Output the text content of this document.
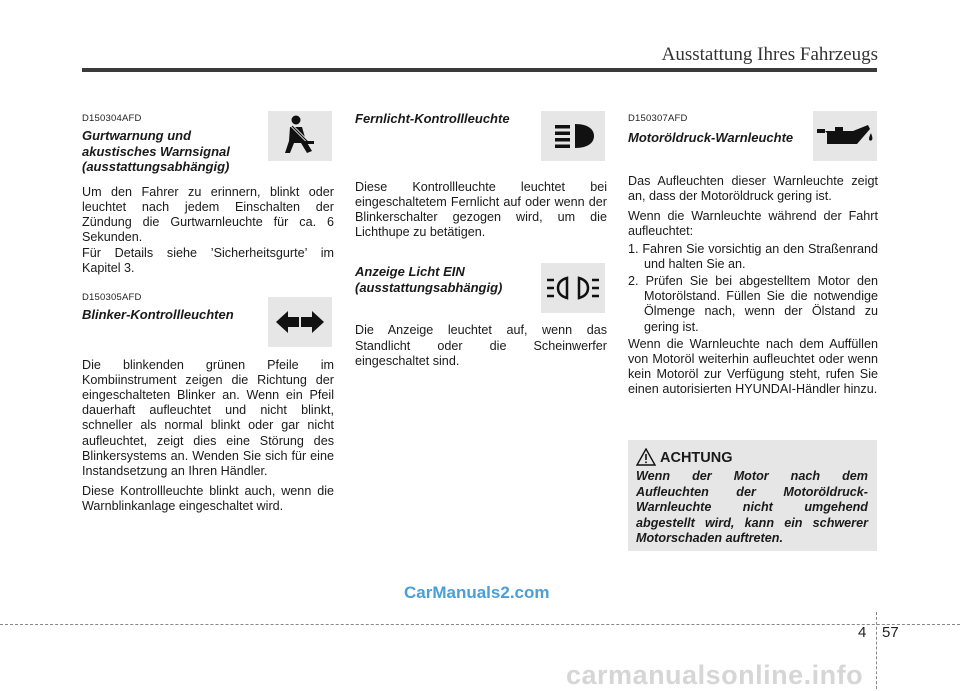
Ausstattung Ihres Fahrzeugs
D150304AFD
Gurtwarnung und
akustisches Warnsignal
(ausstattungsabhängig)

Um den Fahrer zu erinnern, blinkt oder leuchtet nach jedem Einschalten der Zündung die Gurtwarnleuchte für ca. 6 Sekunden.

Für Details siehe ’Sicherheitsgurte’ im Kapitel 3.

D150305AFD
Blinker-Kontrollleuchten

Die blinkenden grünen Pfeile im Kombiinstrument zeigen die Richtung der eingeschalteten Blinker an. Wenn ein Pfeil dauerhaft aufleuchtet und nicht blinkt, schneller als normal blinkt oder gar nicht aufleuchtet, zeigt dies eine Störung des Blinkersystems an. Wenden Sie sich für eine Instandsetzung an Ihren Händler.

Diese Kontrollleuchte blinkt auch, wenn die Warnblinkanlage eingeschaltet wird.

Fernlicht-Kontrollleuchte

Diese Kontrollleuchte leuchtet bei eingeschaltetem Fernlicht auf oder wenn der Blinkerschalter gezogen wird, um die Lichthupe zu betätigen.

Anzeige Licht EIN
(ausstattungsabhängig)

Die Anzeige leuchtet auf, wenn das Standlicht oder die Scheinwerfer eingeschaltet sind.

D150307AFD
Motoröldruck-Warnleuchte

Das Aufleuchten dieser Warnleuchte zeigt an, dass der Motoröldruck gering ist.

Wenn die Warnleuchte während der Fahrt aufleuchtet:

1. Fahren Sie vorsichtig an den Straßenrand und halten Sie an.
2. Prüfen Sie bei abgestelltem Motor den Motorölstand. Füllen Sie die notwendige Ölmenge nach, wenn der Ölstand zu gering ist.

Wenn die Warnleuchte nach dem Auffüllen von Motoröl weiterhin aufleuchtet oder wenn kein Motoröl zur Verfügung steht, rufen Sie einen autorisierten HYUNDAI-Händler hinzu.

ACHTUNG
Wenn der Motor nach dem Aufleuchten der Motoröldruck-Warnleuchte nicht umgehend abgestellt wird, kann ein schwerer Motorschaden auftreten.
CarManuals2.com
4 57
carmanualsonline.info
